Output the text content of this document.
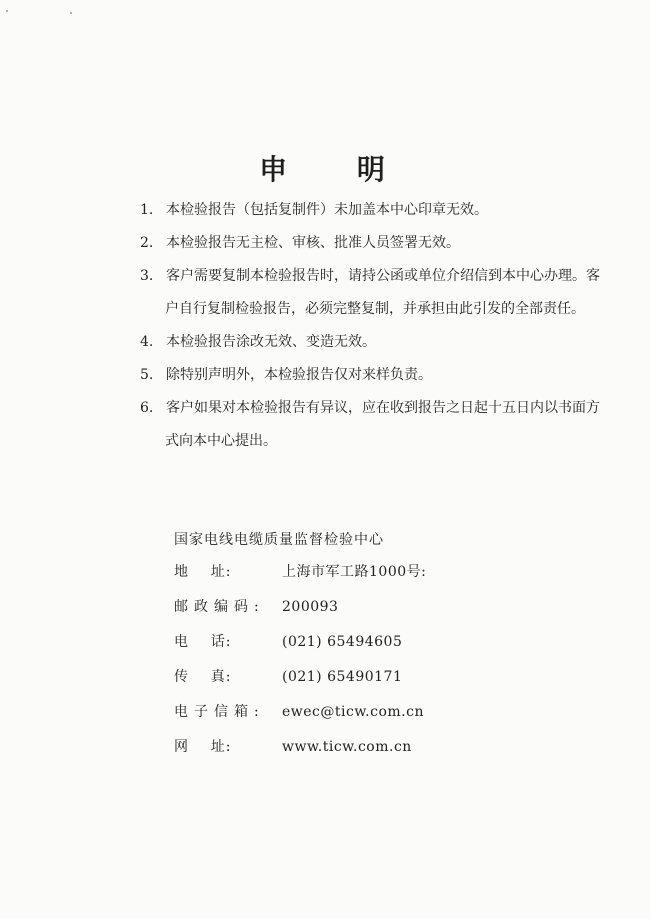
申 明
1. 本检验报告（包括复制件）未加盖本中心印章无效。
2. 本检验报告无主检、审核、批准人员签署无效。
3. 客户需要复制本检验报告时，请持公函或单位介绍信到本中心办理。客
户自行复制检验报告，必须完整复制，并承担由此引发的全部责任。
4. 本检验报告涂改无效、变造无效。
5. 除特别声明外，本检验报告仅对来样负责。
6. 客户如果对本检验报告有异议，应在收到报告之日起十五日内以书面方
式向本中心提出。
国家电线电缆质量监督检验中心
地    址:	上海市军工路1000号:
邮政编码:	200093
电    话:	(021) 65494605
传    真:	(021) 65490171
电子信箱:	ewec@ticw.com.cn
网    址:	www.ticw.com.cn
